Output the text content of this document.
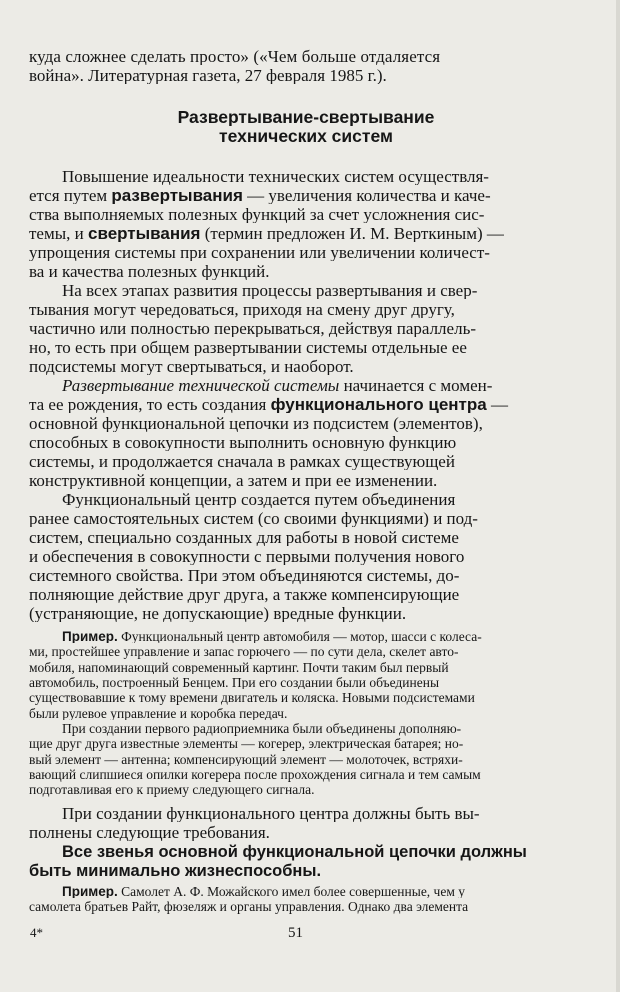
куда сложнее сделать просто» («Чем больше отдаляется
война». Литературная газета, 27 февраля 1985 г.).
Развертывание-свертывание
технических систем
Повышение идеальности технических систем осуществля-
ется путем развертывания — увеличения количества и каче-
ства выполняемых полезных функций за счет усложнения сис-
темы, и свертывания (термин предложен И. М. Верткиным) —
упрощения системы при сохранении или увеличении количест-
ва и качества полезных функций.
На всех этапах развития процессы развертывания и свер-
тывания могут чередоваться, приходя на смену друг другу,
частично или полностью перекрываться, действуя параллель-
но, то есть при общем развертывании системы отдельные ее
подсистемы могут свертываться, и наоборот.
Развертывание технической системы начинается с момен-
та ее рождения, то есть создания функционального центра —
основной функциональной цепочки из подсистем (элементов),
способных в совокупности выполнить основную функцию
системы, и продолжается сначала в рамках существующей
конструктивной концепции, а затем и при ее изменении.
Функциональный центр создается путем объединения
ранее самостоятельных систем (со своими функциями) и под-
систем, специально созданных для работы в новой системе
и обеспечения в совокупности с первыми получения нового
системного свойства. При этом объединяются системы, до-
полняющие действие друг друга, а также компенсирующие
(устраняющие, не допускающие) вредные функции.
Пример. Функциональный центр автомобиля — мотор, шасси с колеса-
ми, простейшее управление и запас горючего — по сути дела, скелет авто-
мобиля, напоминающий современный картинг. Почти таким был первый
автомобиль, построенный Бенцем. При его создании были объединены
существовавшие к тому времени двигатель и коляска. Новыми подсистемами
были рулевое управление и коробка передач.
При создании первого радиоприемника были объединены дополняю-
щие друг друга известные элементы — когерер, электрическая батарея; но-
вый элемент — антенна; компенсирующий элемент — молоточек, встряхи-
вающий слипшиеся опилки когерера после прохождения сигнала и тем самым
подготавливая его к приему следующего сигнала.
При создании функционального центра должны быть вы-
полнены следующие требования.
Все звенья основной функциональной цепочки должны
быть минимально жизнеспособны.
Пример. Самолет А. Ф. Можайского имел более совершенные, чем у
самолета братьев Райт, фюзеляж и органы управления. Однако два элемента
4*	51
